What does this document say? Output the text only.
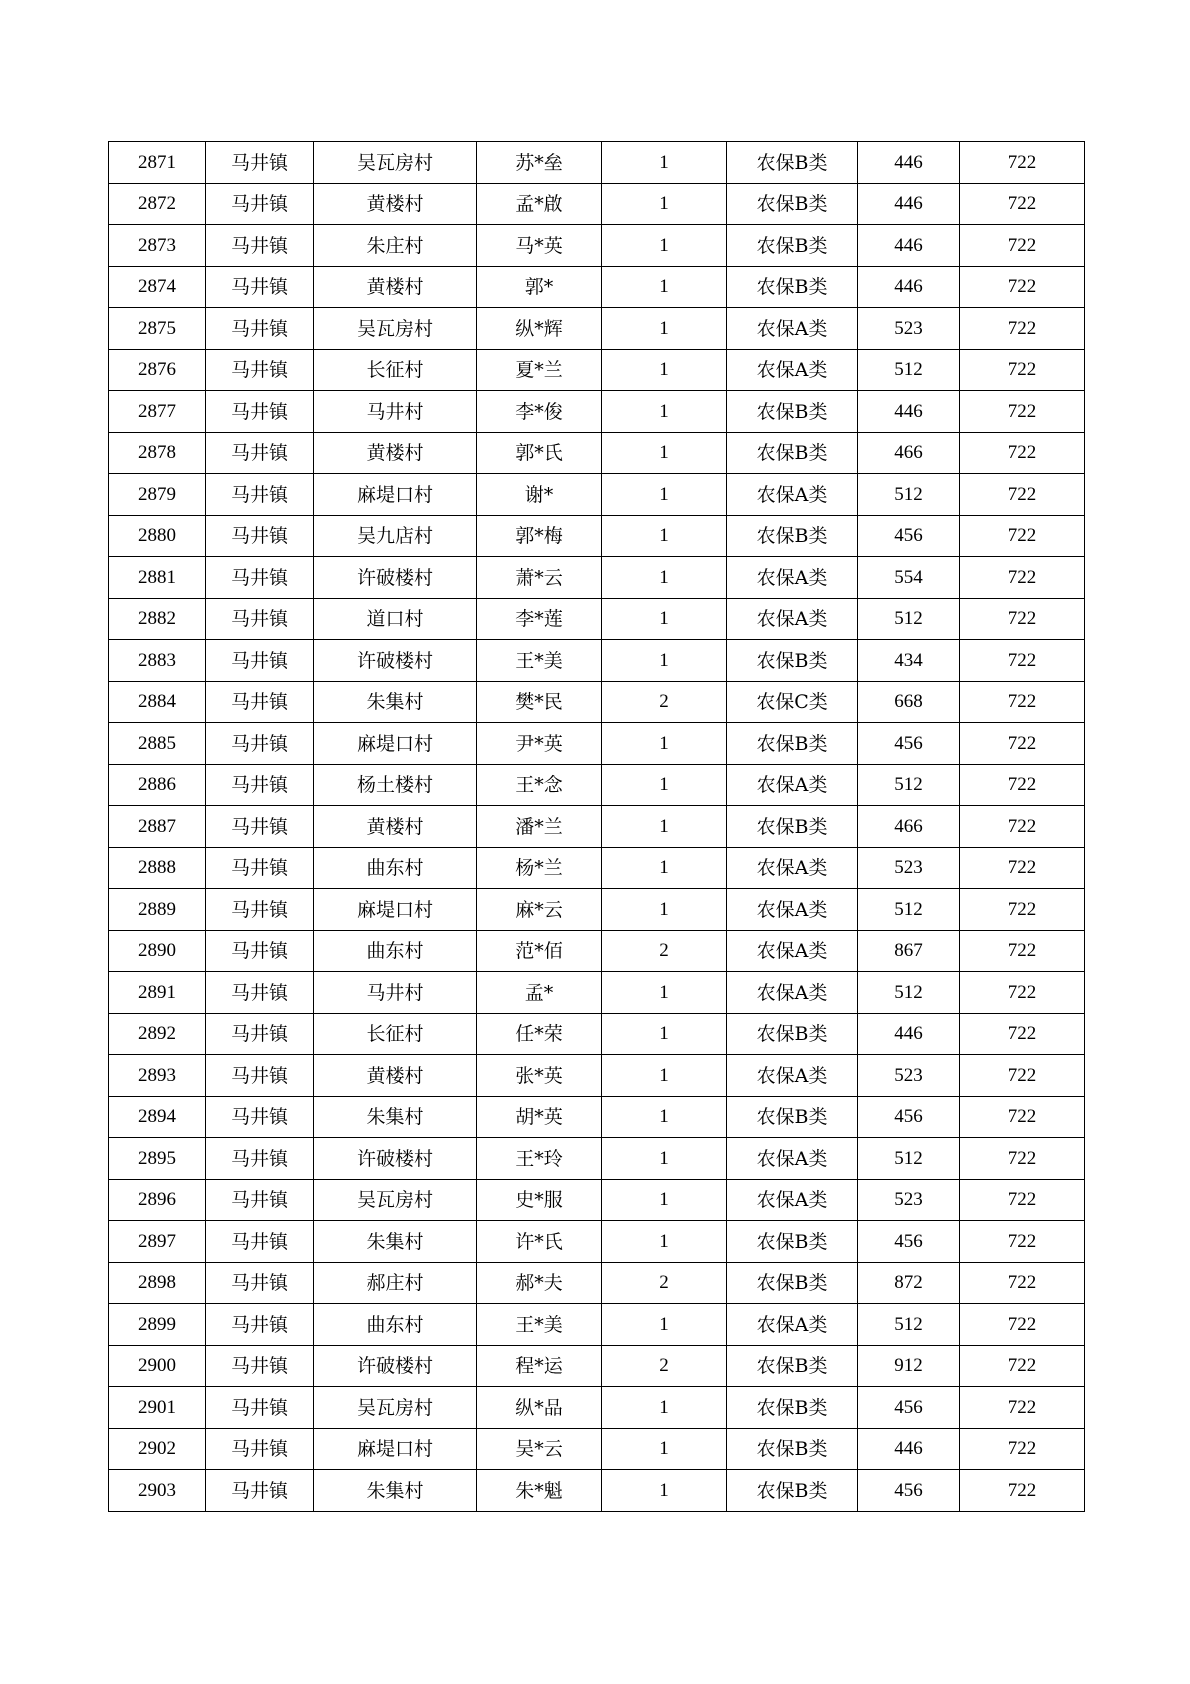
2871	马井镇	吴瓦房村	苏*垒	1	农保B类	446	722
2872	马井镇	黄楼村	孟*啟	1	农保B类	446	722
2873	马井镇	朱庄村	马*英	1	农保B类	446	722
2874	马井镇	黄楼村	郭*	1	农保B类	446	722
2875	马井镇	吴瓦房村	纵*辉	1	农保A类	523	722
2876	马井镇	长征村	夏*兰	1	农保A类	512	722
2877	马井镇	马井村	李*俊	1	农保B类	446	722
2878	马井镇	黄楼村	郭*氏	1	农保B类	466	722
2879	马井镇	麻堤口村	谢*	1	农保A类	512	722
2880	马井镇	吴九店村	郭*梅	1	农保B类	456	722
2881	马井镇	许破楼村	萧*云	1	农保A类	554	722
2882	马井镇	道口村	李*莲	1	农保A类	512	722
2883	马井镇	许破楼村	王*美	1	农保B类	434	722
2884	马井镇	朱集村	樊*民	2	农保C类	668	722
2885	马井镇	麻堤口村	尹*英	1	农保B类	456	722
2886	马井镇	杨土楼村	王*念	1	农保A类	512	722
2887	马井镇	黄楼村	潘*兰	1	农保B类	466	722
2888	马井镇	曲东村	杨*兰	1	农保A类	523	722
2889	马井镇	麻堤口村	麻*云	1	农保A类	512	722
2890	马井镇	曲东村	范*佰	2	农保A类	867	722
2891	马井镇	马井村	孟*	1	农保A类	512	722
2892	马井镇	长征村	任*荣	1	农保B类	446	722
2893	马井镇	黄楼村	张*英	1	农保A类	523	722
2894	马井镇	朱集村	胡*英	1	农保B类	456	722
2895	马井镇	许破楼村	王*玲	1	农保A类	512	722
2896	马井镇	吴瓦房村	史*服	1	农保A类	523	722
2897	马井镇	朱集村	许*氏	1	农保B类	456	722
2898	马井镇	郝庄村	郝*夫	2	农保B类	872	722
2899	马井镇	曲东村	王*美	1	农保A类	512	722
2900	马井镇	许破楼村	程*运	2	农保B类	912	722
2901	马井镇	吴瓦房村	纵*品	1	农保B类	456	722
2902	马井镇	麻堤口村	吴*云	1	农保B类	446	722
2903	马井镇	朱集村	朱*魁	1	农保B类	456	722
